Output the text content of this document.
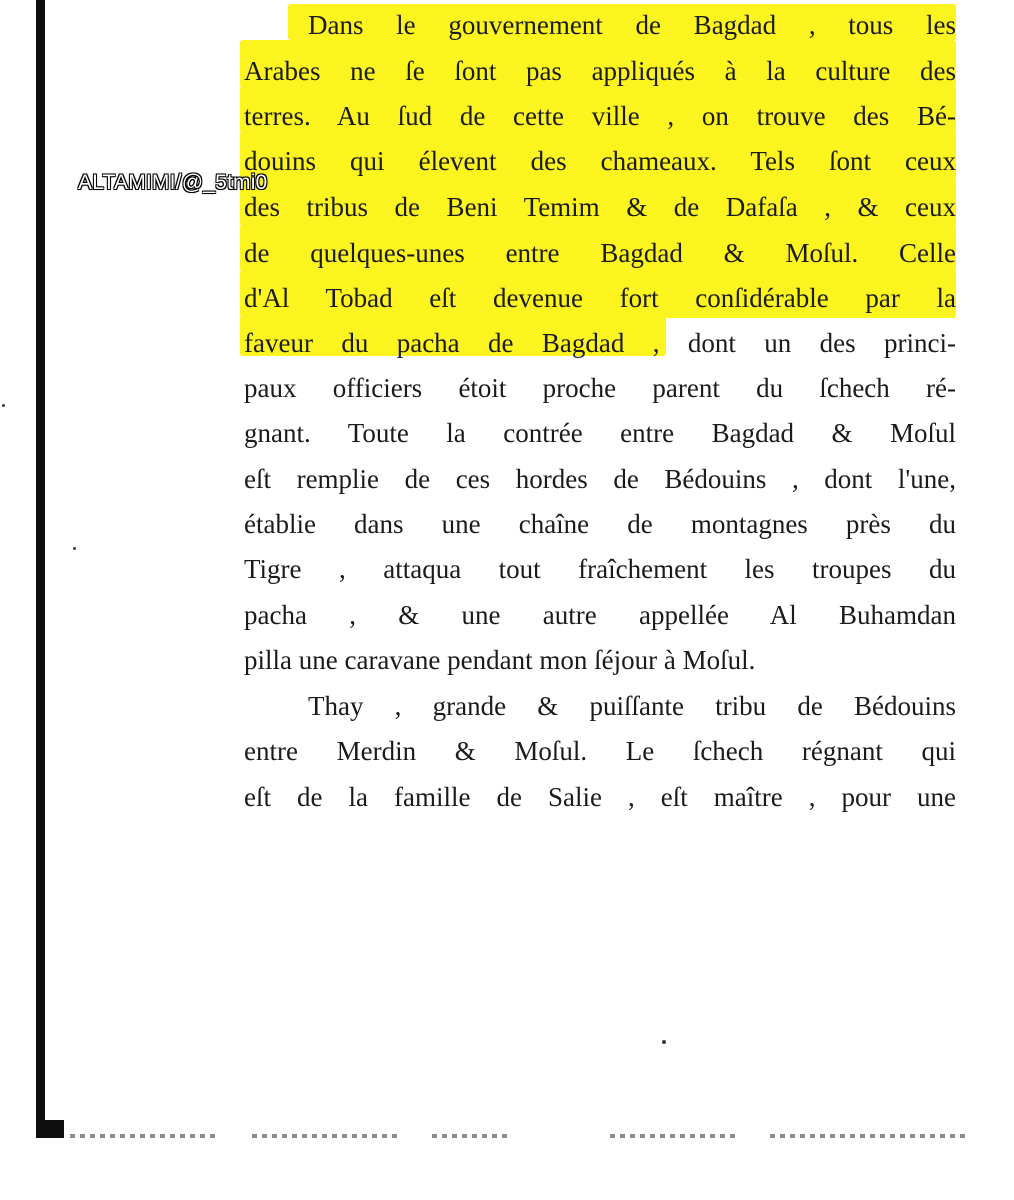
Dans le gouvernement de Bagdad , tous les
Arabes ne ſe ſont pas appliqués à la culture des
terres. Au ſud de cette ville , on trouve des Bé-
douins qui élevent des chameaux. Tels ſont ceux
des tribus de Beni Temim & de Dafaſa , & ceux
de quelques-unes entre Bagdad & Moſul. Celle
d'Al Tobad eſt devenue fort conſidérable par la
faveur du pacha de Bagdad , dont un des princi-
paux officiers étoit proche parent du ſchech ré-
gnant. Toute la contrée entre Bagdad & Moſul
eſt remplie de ces hordes de Bédouins , dont l'une,
établie dans une chaîne de montagnes près du
Tigre , attaqua tout fraîchement les troupes du
pacha , & une autre appellée Al Buhamdan
pilla une caravane pendant mon ſéjour à Moſul.
Thay , grande & puiſſante tribu de Bédouins
entre Merdin & Moſul. Le ſchech régnant qui
eſt de la famille de Salie , eſt maître , pour une
ALTAMIMI/@_5tmi0
